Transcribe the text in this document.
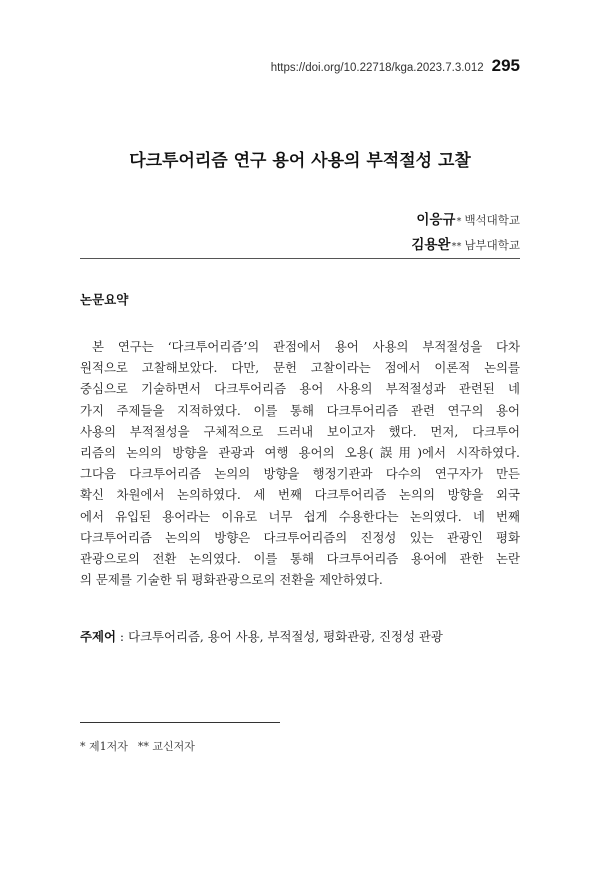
https://doi.org/10.22718/kga.2023.7.3.012 295
다크투어리즘 연구 용어 사용의 부적절성 고찰
이응규* 백석대학교
김용완** 남부대학교
논문요약
본 연구는 ‘다크투어리즘’의 관점에서 용어 사용의 부적절성을 다차
원적으로 고찰해보았다. 다만, 문헌 고찰이라는 점에서 이론적 논의를
중심으로 기술하면서 다크투어리즘 용어 사용의 부적절성과 관련된 네
가지 주제들을 지적하였다. 이를 통해 다크투어리즘 관련 연구의 용어
사용의 부적절성을 구체적으로 드러내 보이고자 했다. 먼저, 다크투어
리즘의 논의의 방향을 관광과 여행 용어의 오용(誤用)에서 시작하였다.
그다음 다크투어리즘 논의의 방향을 행정기관과 다수의 연구자가 만든
확신 차원에서 논의하였다. 세 번째 다크투어리즘 논의의 방향을 외국
에서 유입된 용어라는 이유로 너무 쉽게 수용한다는 논의였다. 네 번째
다크투어리즘 논의의 방향은 다크투어리즘의 진정성 있는 관광인 평화
관광으로의 전환 논의였다. 이를 통해 다크투어리즘 용어에 관한 논란
의 문제를 기술한 뒤 평화관광으로의 전환을 제안하였다.
주제어 : 다크투어리즘, 용어 사용, 부적절성, 평화관광, 진정성 관광
* 제1저자 ** 교신저자
